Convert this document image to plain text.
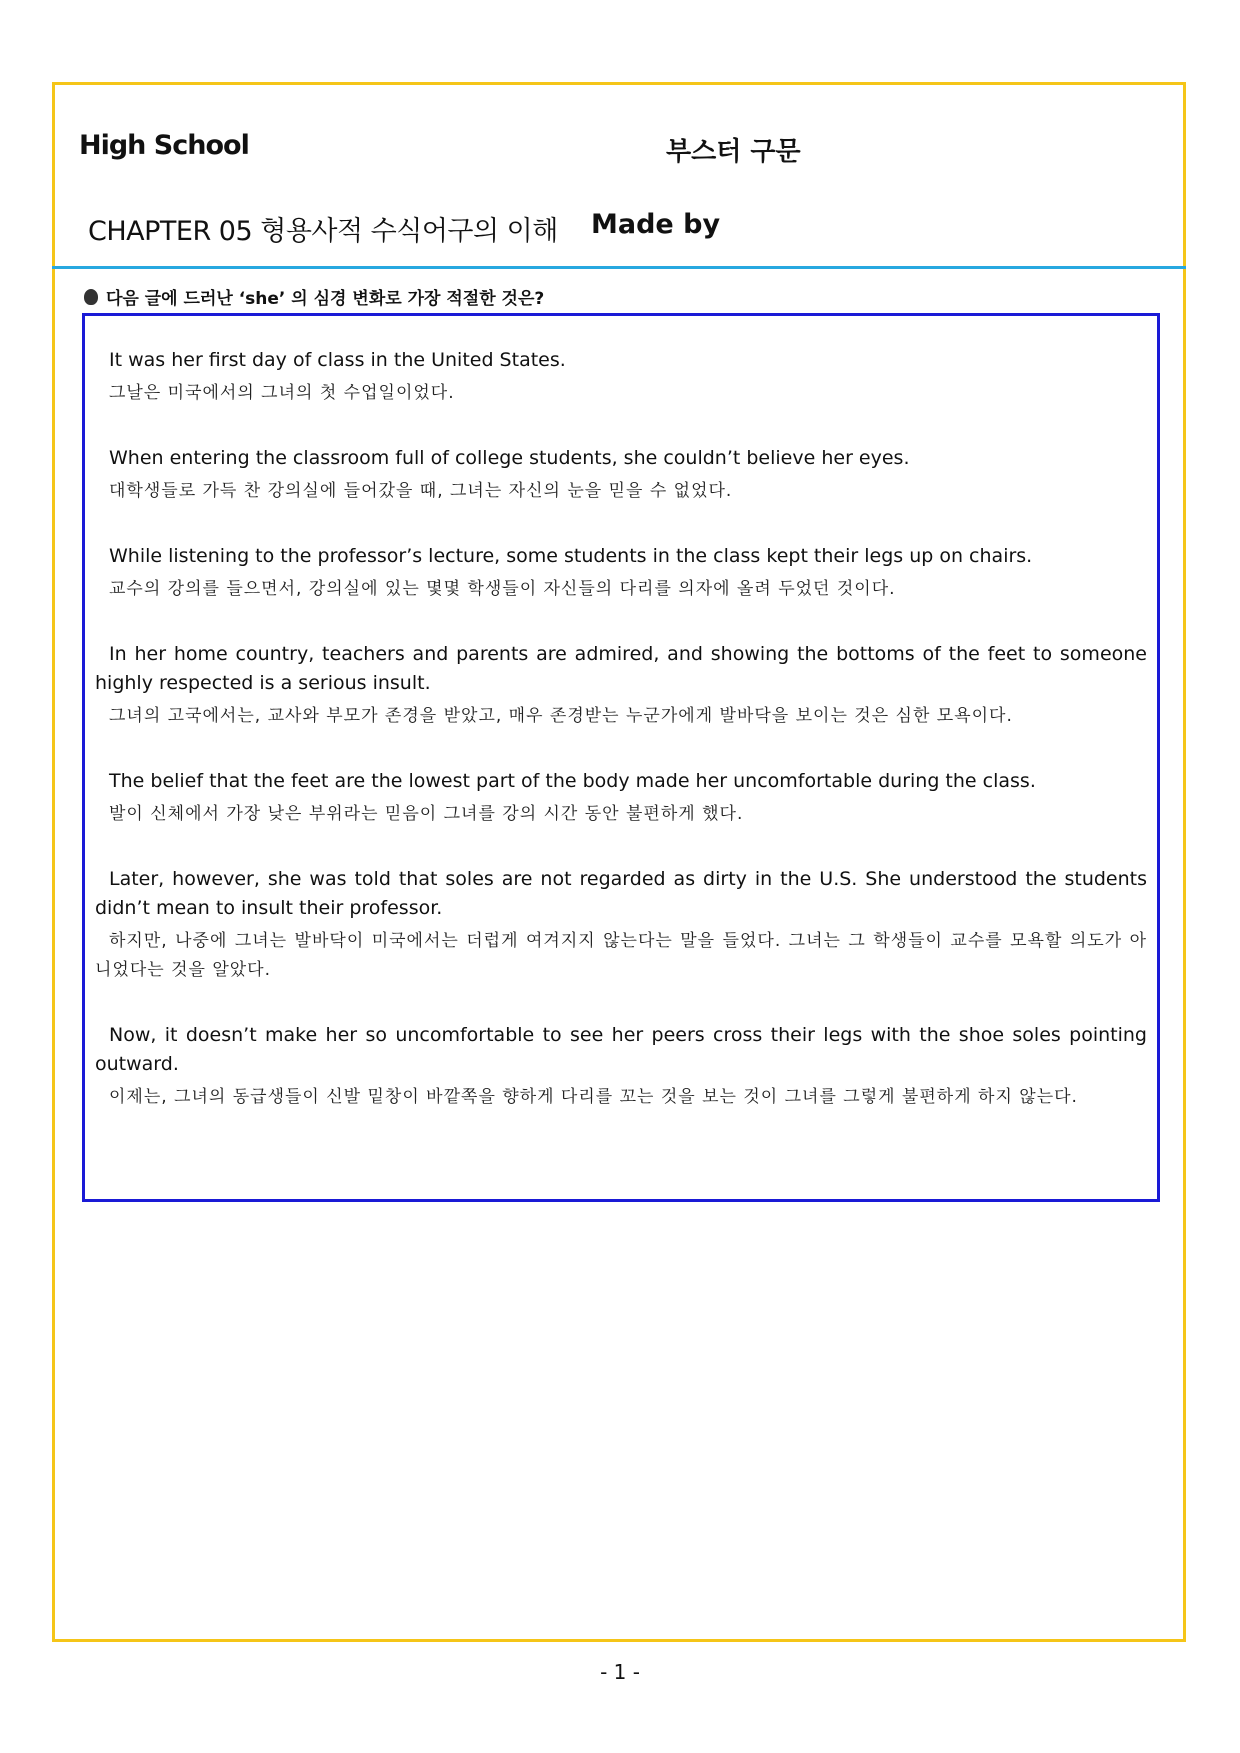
High School	부스터 구문
CHAPTER 05 형용사적 수식어구의 이해 Made by
다음 글에 드러난 ‘she’ 의 심경 변화로 가장 적절한 것은?

It was her first day of class in the United States.

그날은 미국에서의 그녀의 첫 수업일이었다.

When entering the classroom full of college students, she couldn’t believe her eyes.

대학생들로 가득 찬 강의실에 들어갔을 때, 그녀는 자신의 눈을 믿을 수 없었다.

While listening to the professor’s lecture, some students in the class kept their legs up on chairs.

교수의 강의를 들으면서, 강의실에 있는 몇몇 학생들이 자신들의 다리를 의자에 올려 두었던 것이다.

In her home country, teachers and parents are admired, and showing the bottoms of the feet to someone highly respected is a serious insult.

그녀의 고국에서는, 교사와 부모가 존경을 받았고, 매우 존경받는 누군가에게 발바닥을 보이는 것은 심한 모욕이다.

The belief that the feet are the lowest part of the body made her uncomfortable during the class.

발이 신체에서 가장 낮은 부위라는 믿음이 그녀를 강의 시간 동안 불편하게 했다.

Later, however, she was told that soles are not regarded as dirty in the U.S. She understood the students didn’t mean to insult their professor.

하지만, 나중에 그녀는 발바닥이 미국에서는 더럽게 여겨지지 않는다는 말을 들었다. 그녀는 그 학생들이 교수를 모욕할 의도가 아니었다는 것을 알았다.

Now, it doesn’t make her so uncomfortable to see her peers cross their legs with the shoe soles pointing outward.

이제는, 그녀의 동급생들이 신발 밑창이 바깥쪽을 향하게 다리를 꼬는 것을 보는 것이 그녀를 그렇게 불편하게 하지 않는다.

- 1 -
